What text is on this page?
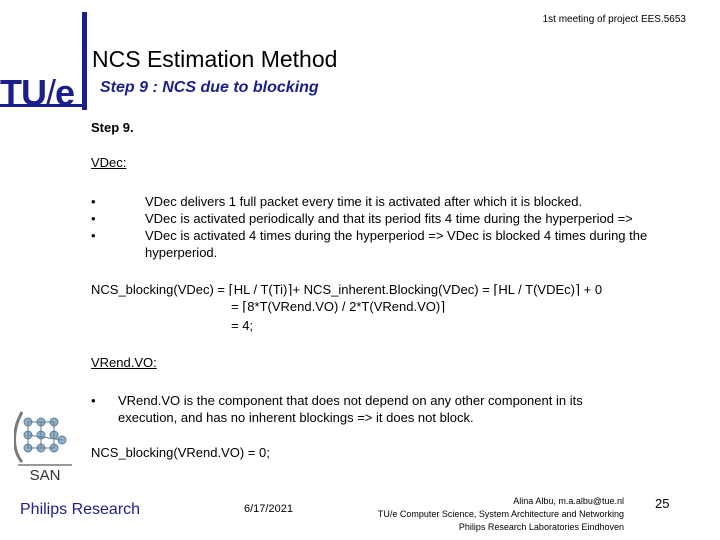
1st meeting of project EES.5653
NCS Estimation Method
Step 9 : NCS due to blocking
TU/e
Step 9.
VDec:
•	VDec delivers 1 full packet every time it is activated after which it is blocked.
•	VDec is activated periodically and that its period fits 4 time during the hyperperiod =>
•	VDec is activated 4 times during the hyperperiod => VDec is blocked 4 times during the hyperperiod.
NCS_blocking(VDec) = ⌈HL / T(Ti)⌉+ NCS_inherent.Blocking(VDec) = ⌈HL / T(VDEc)⌉ + 0
= ⌈8*T(VRend.VO) / 2*T(VRend.VO)⌉
= 4;
VRend.VO:
• VRend.VO is the component that does not depend on any other component in its execution, and has no inherent blockings => it does not block.
NCS_blocking(VRend.VO) = 0;
SAN
Philips Research	6/17/2021
Alina Albu, m.a.albu@tue.nl
TU/e Computer Science, System Architecture and Networking
Philips Research Laboratories Eindhoven
25
